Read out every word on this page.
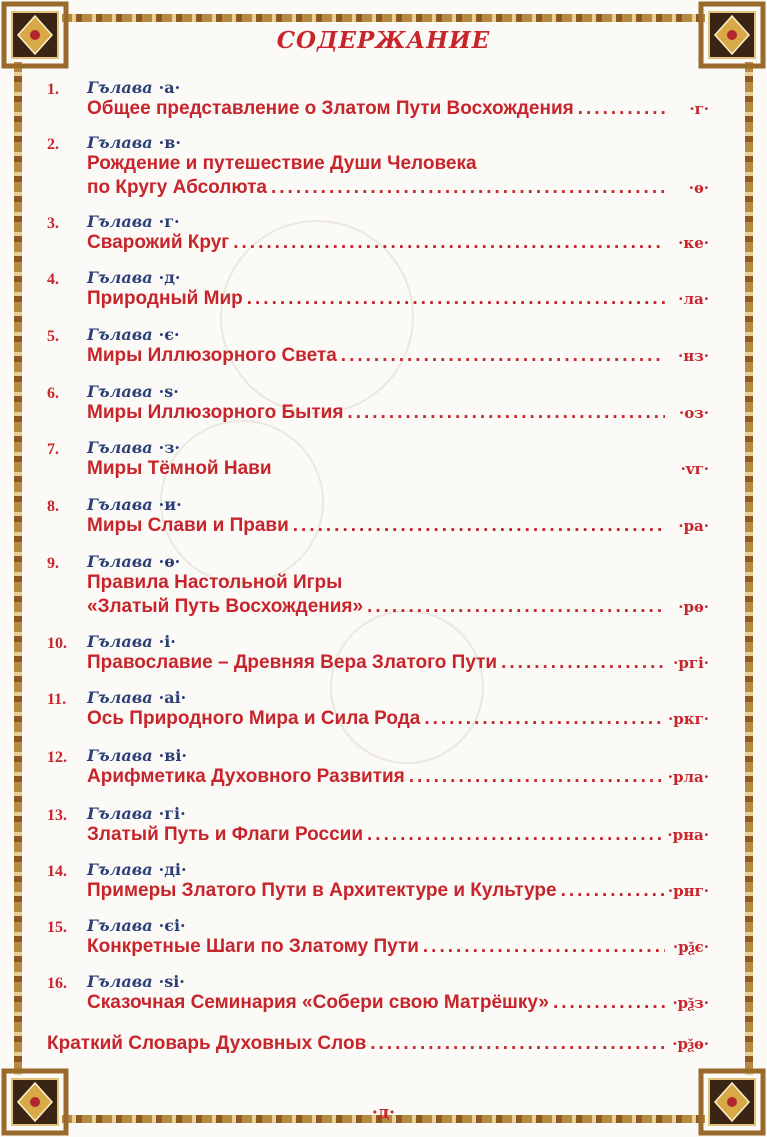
СОДЕРЖАНИЕ
1. Гълава ·а·
Общее представление о Златом Пути Восхождения .....	·г·
2. Гълава ·в·
Рождение и путешествие Души Человека
по Кругу Абсолюта .....	·ѳ·
3. Гълава ·г·
Сварожий Круг .....	·ке·
4. Гълава ·д·
Природный Мир .....	·ла·
5. Гълава ·є·
Миры Иллюзорного Света .....	·нз·
6. Гълава ·ѕ·
Миры Иллюзорного Бытия .....	·оз·
7. Гълава ·з·
Миры Тёмной Нави	·vг·
8. Гълава ·и·
Миры Слави и Прави .....	·ра·
9. Гълава ·ѳ·
Правила Настольной Игры
«Златый Путь Восхождения» .....	·рѳ·
10. Гълава ·і·
Православие – Древняя Вера Златого Пути .....	·ргі·
11. Гълава ·аі·
Ось Природного Мира и Сила Рода .....	·ркг·
12. Гълава ·ві·
Арифметика Духовного Развития .....	·рла·
13. Гълава ·гі·
Златый Путь и Флаги России .....	·рна·
14. Гълава ·ді·
Примеры Златого Пути в Архитектуре и Культуре .....	·рнг·
15. Гълава ·єі·
Конкретные Шаги по Златому Пути .....	·рѯє·
16. Гълава ·ѕі·
Сказочная Семинария «Собери свою Матрёшку» .....	·рѯз·
Краткий Словарь Духовных Слов .....	·рѯѳ·
·д·
